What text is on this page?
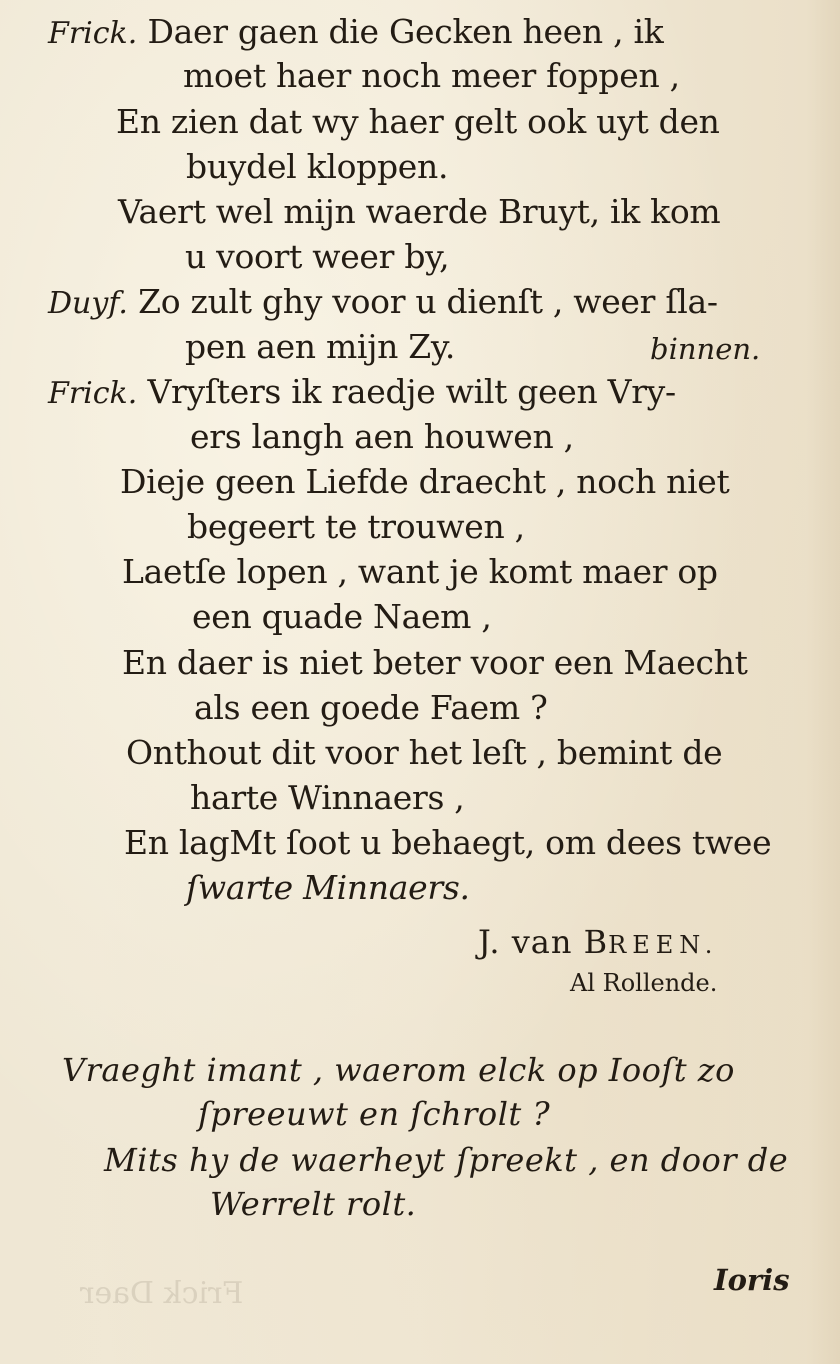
Frick Daer
Frick. Daer gaen die Gecken heen , ik
moet haer noch meer foppen ,
En zien dat wy haer gelt ook uyt den
buydel kloppen.
Vaert wel mijn waerde Bruyt, ik kom
u voort weer by,
Duyf. Zo zult ghy voor u dienſt , weer ſla-
pen aen mijn Zy.	binnen.
Frick. Vryſters ik raedje wilt geen Vry-
ers langh aen houwen ,
Dieje geen Liefde draecht , noch niet
begeert te trouwen ,
Laetſe lopen , want je komt maer op
een quade Naem ,
En daer is niet beter voor een Maecht
als een goede Faem ?
Onthout dit voor het leſt , bemint de
harte Winnaers ,
En lagMt ſoot u behaegt, om dees twee
ſwarte Minnaers.
J. van BREEN.
Al Rollende.
Vraeght imant , waerom elck op Iooſt zo
ſpreeuwt en ſchrolt ?
Mits hy de waerheyt ſpreekt , en door de
Werrelt rolt.
Ioris
